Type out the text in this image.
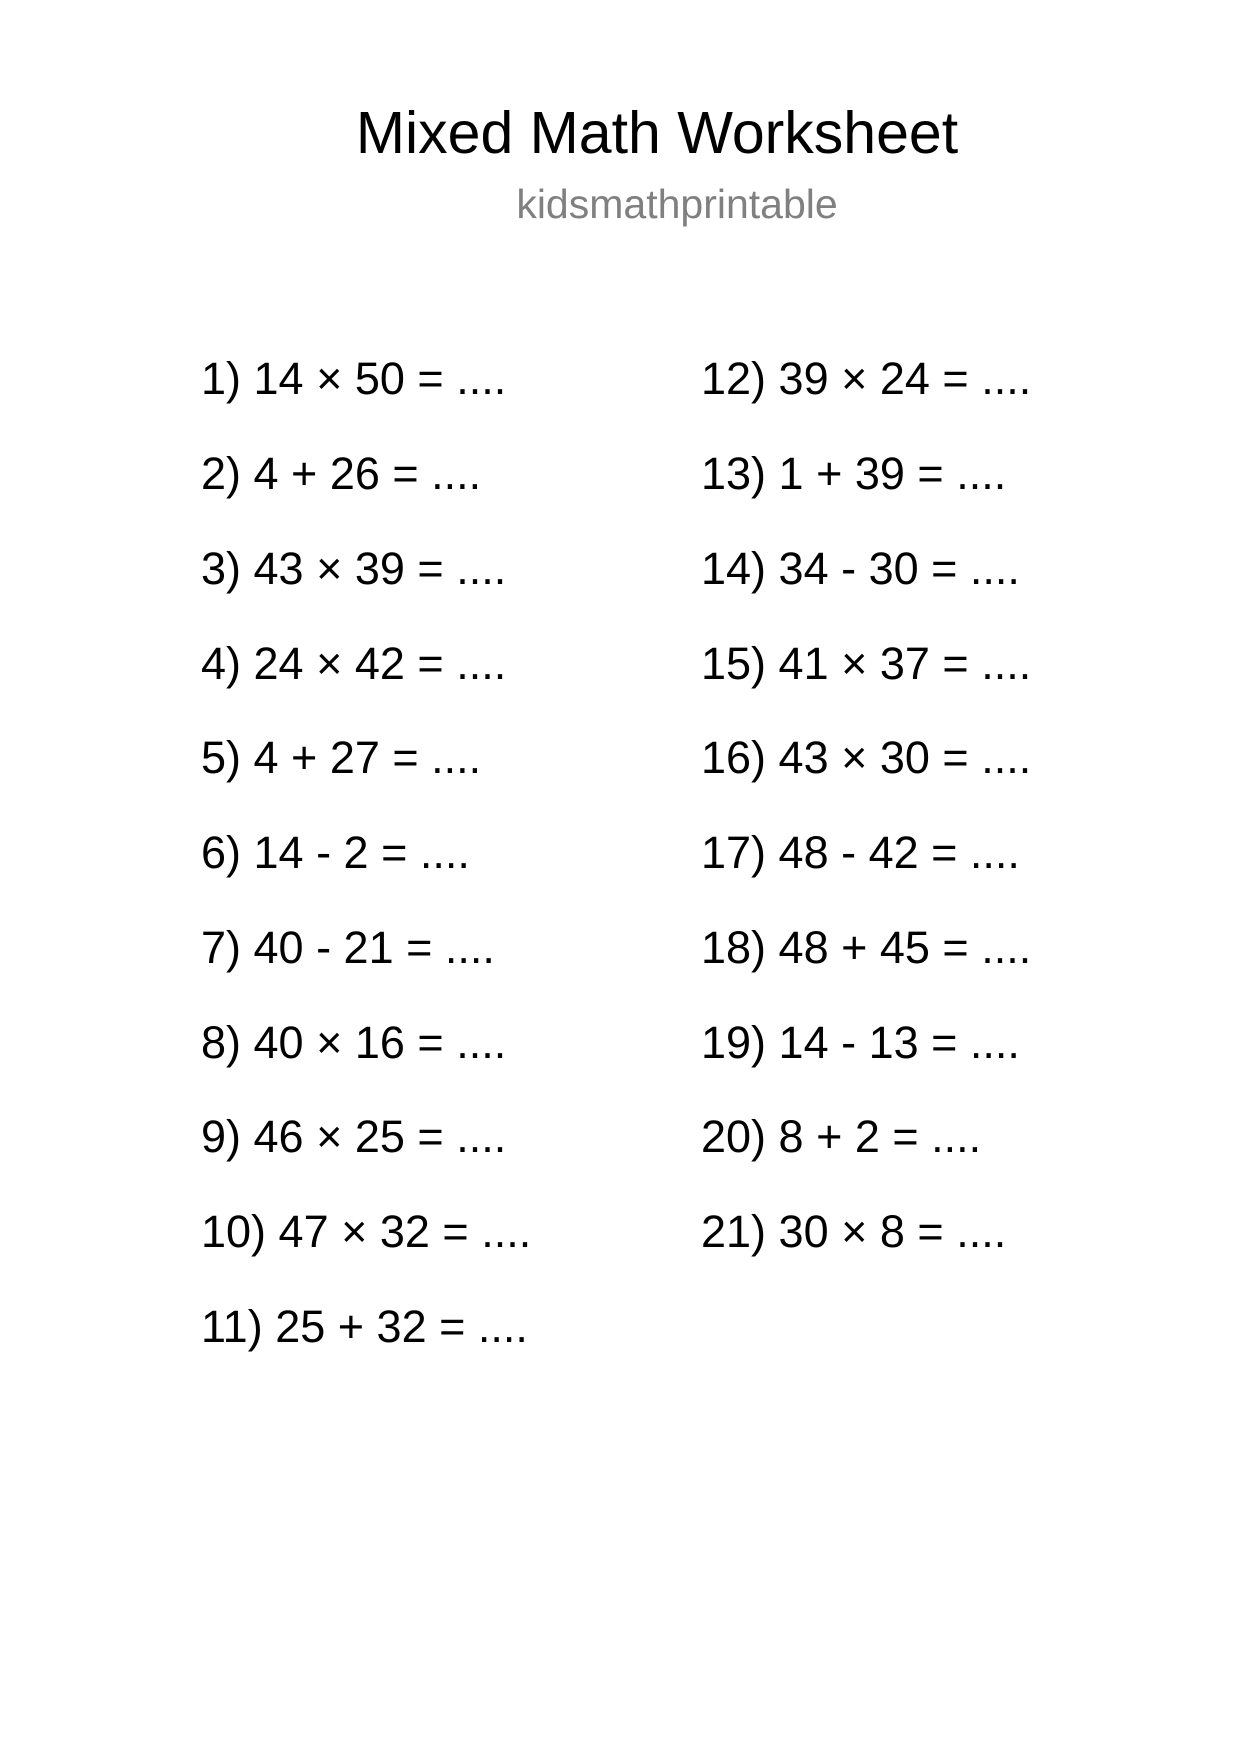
Mixed Math Worksheet
kidsmathprintable
1) 14 × 50 = ....
2) 4 + 26 = ....
3) 43 × 39 = ....
4) 24 × 42 = ....
5) 4 + 27 = ....
6) 14 - 2 = ....
7) 40 - 21 = ....
8) 40 × 16 = ....
9) 46 × 25 = ....
10) 47 × 32 = ....
11) 25 + 32 = ....
12) 39 × 24 = ....
13) 1 + 39 = ....
14) 34 - 30 = ....
15) 41 × 37 = ....
16) 43 × 30 = ....
17) 48 - 42 = ....
18) 48 + 45 = ....
19) 14 - 13 = ....
20) 8 + 2 = ....
21) 30 × 8 = ....
